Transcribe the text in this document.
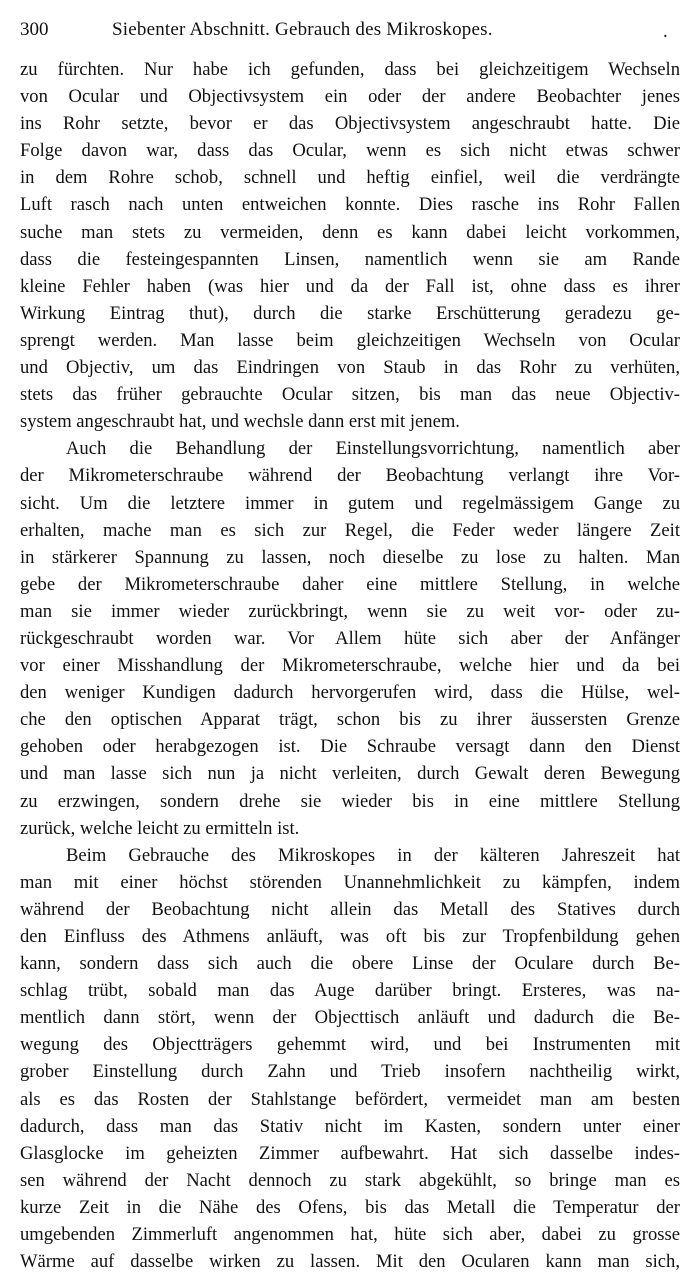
300	Siebenter Abschnitt. Gebrauch des Mikroskopes.	.
zu fürchten. Nur habe ich gefunden, dass bei gleichzeitigem Wechseln
von Ocular und Objectivsystem ein oder der andere Beobachter jenes
ins Rohr setzte, bevor er das Objectivsystem angeschraubt hatte. Die
Folge davon war, dass das Ocular, wenn es sich nicht etwas schwer
in dem Rohre schob, schnell und heftig einfiel, weil die verdrängte
Luft rasch nach unten entweichen konnte. Dies rasche ins Rohr Fallen
suche man stets zu vermeiden, denn es kann dabei leicht vorkommen,
dass die festeingespannten Linsen, namentlich wenn sie am Rande
kleine Fehler haben (was hier und da der Fall ist, ohne dass es ihrer
Wirkung Eintrag thut), durch die starke Erschütterung geradezu ge-
sprengt werden. Man lasse beim gleichzeitigen Wechseln von Ocular
und Objectiv, um das Eindringen von Staub in das Rohr zu verhüten,
stets das früher gebrauchte Ocular sitzen, bis man das neue Objectiv-
system angeschraubt hat, und wechsle dann erst mit jenem.
Auch die Behandlung der Einstellungsvorrichtung, namentlich aber
der Mikrometerschraube während der Beobachtung verlangt ihre Vor-
sicht. Um die letztere immer in gutem und regelmässigem Gange zu
erhalten, mache man es sich zur Regel, die Feder weder längere Zeit
in stärkerer Spannung zu lassen, noch dieselbe zu lose zu halten. Man
gebe der Mikrometerschraube daher eine mittlere Stellung, in welche
man sie immer wieder zurückbringt, wenn sie zu weit vor- oder zu-
rückgeschraubt worden war. Vor Allem hüte sich aber der Anfänger
vor einer Misshandlung der Mikrometerschraube, welche hier und da bei
den weniger Kundigen dadurch hervorgerufen wird, dass die Hülse, wel-
che den optischen Apparat trägt, schon bis zu ihrer äussersten Grenze
gehoben oder herabgezogen ist. Die Schraube versagt dann den Dienst
und man lasse sich nun ja nicht verleiten, durch Gewalt deren Bewegung
zu erzwingen, sondern drehe sie wieder bis in eine mittlere Stellung
zurück, welche leicht zu ermitteln ist.
Beim Gebrauche des Mikroskopes in der kälteren Jahreszeit hat
man mit einer höchst störenden Unannehmlichkeit zu kämpfen, indem
während der Beobachtung nicht allein das Metall des Statives durch
den Einfluss des Athmens anläuft, was oft bis zur Tropfenbildung gehen
kann, sondern dass sich auch die obere Linse der Oculare durch Be-
schlag trübt, sobald man das Auge darüber bringt. Ersteres, was na-
mentlich dann stört, wenn der Objecttisch anläuft und dadurch die Be-
wegung des Objectträgers gehemmt wird, und bei Instrumenten mit
grober Einstellung durch Zahn und Trieb insofern nachtheilig wirkt,
als es das Rosten der Stahlstange befördert, vermeidet man am besten
dadurch, dass man das Stativ nicht im Kasten, sondern unter einer
Glasglocke im geheizten Zimmer aufbewahrt. Hat sich dasselbe indes-
sen während der Nacht dennoch zu stark abgekühlt, so bringe man es
kurze Zeit in die Nähe des Ofens, bis das Metall die Temperatur der
umgebenden Zimmerluft angenommen hat, hüte sich aber, dabei zu grosse
Wärme auf dasselbe wirken zu lassen. Mit den Ocularen kann man sich,
